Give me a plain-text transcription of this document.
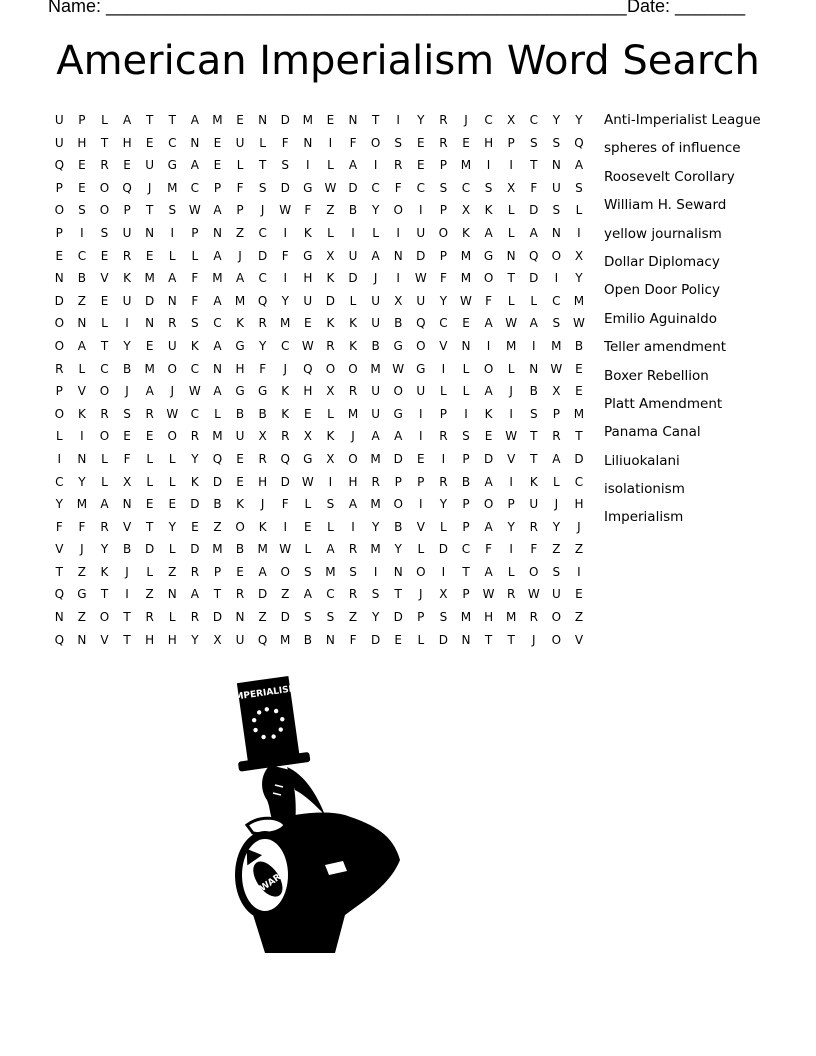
Name: ____________________________________________________ Date: _______
American Imperialism Word Search
U	P	L	A	T	T	A	M	E	N	D	M	E	N	T	I	Y	R	J	C	X	C	Y	Y
U	H	T	H	E	C	N	E	U	L	F	N	I	F	O	S	E	R	E	H	P	S	S	Q
Q	E	R	E	U	G	A	E	L	T	S	I	L	A	I	R	E	P	M	I	I	T	N	A
P	E	O	Q	J	M	C	P	F	S	D	G	W	D	C	F	C	S	C	S	X	F	U	S
O	S	O	P	T	S	W	A	P	J	W	F	Z	B	Y	O	I	P	X	K	L	D	S	L
P	I	S	U	N	I	P	N	Z	C	I	K	L	I	L	I	U	O	K	A	L	A	N	I
E	C	E	R	E	L	L	A	J	D	F	G	X	U	A	N	D	P	M	G	N	Q	O	X
N	B	V	K	M	A	F	M	A	C	I	H	K	D	J	I	W	F	M	O	T	D	I	Y
D	Z	E	U	D	N	F	A	M	Q	Y	U	D	L	U	X	U	Y	W	F	L	L	C	M
O	N	L	I	N	R	S	C	K	R	M	E	K	K	U	B	Q	C	E	A	W	A	S	W
O	A	T	Y	E	U	K	A	G	Y	C	W	R	K	B	G	O	V	N	I	M	I	M	B
R	L	C	B	M	O	C	N	H	F	J	Q	O	O	M W	G	I	L	O	L	N	W	E
P	V	O	J	A	J	W	A	G	G	K	H	X	R	U	O	U	L	L	A	J	B	X	E
O	K	R	S	R	W	C	L	B	B	K	E	L	M	U	G	I	P	I	K	I	S	P	M
L	I	O	E	E	O	R	M	U	X	R	X	K	J	A	A	I	R	S	E	W	T	R	T
I	N	L	F	L	L	Y	Q	E	R	Q	G	X	O	M	D	E	I	P	D	V	T	A	D
C	Y	L	X	L	L	K	D	E	H	D	W	I	H	R	P	P	R	B	A	I	K	L	C
Y	M	A	N	E	E	D	B	K	J	F	L	S	A	M	O	I	Y	P	O	P	U	J	H
F	F	R	V	T	Y	E	Z	O	K	I	E	L	I	Y	B	V	L	P	A	Y	R	Y	J
V	J	Y	B	D	L	D	M	B	M W	L	A	R	M	Y	L	D	C	F	I	F	Z	Z
T	Z	K	J	L	Z	R	P	E	A	O	S	M	S	I	N	O	I	T	A	L	O	S	I
Q	G	T	I	Z	N	A	T	R	D	Z	A	C	R	S	T	J	X	P	W	R	W	U	E
N	Z	O	T	R	L	R	D	N	Z	D	S	S	Z	Y	D	P	S	M	H	M	R	O	Z
Q	N	V	T	H	H	Y	X	U	Q	M	B	N	F	D	E	L	D	N	T	T	J	O	V
Anti-Imperialist League
spheres of influence
Roosevelt Corollary
William H. Seward
yellow journalism
Dollar Diplomacy
Open Door Policy
Emilio Aguinaldo
Teller amendment
Boxer Rebellion
Platt Amendment
Panama Canal
Liliuokalani
isolationism
Imperialism
IMPERIALISM
WAR
